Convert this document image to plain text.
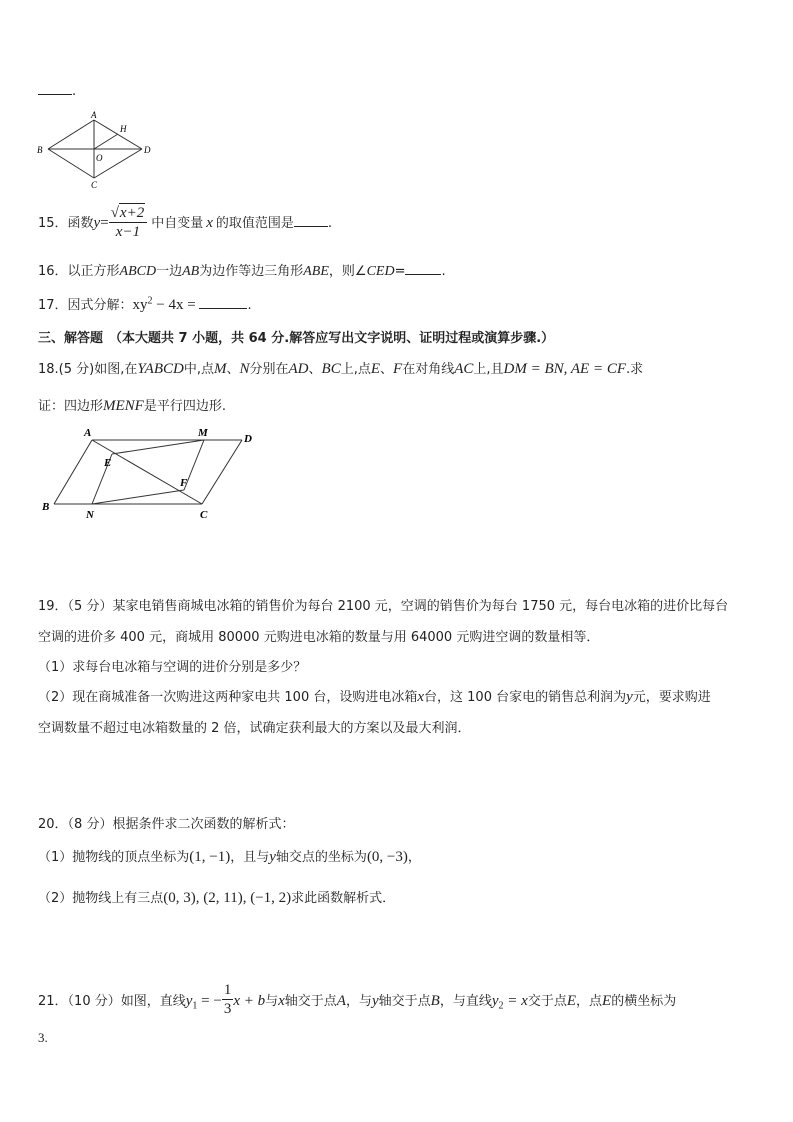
.
A
H
B
O
D
C
15．函数$y= \frac{√x+2}{x-1}$ 中自变量 x 的取值范围是	.
16．以正方形ABCD一边AB为边作等边三角形ABE，则∠CED=	.
17．因式分解：$xy^2 - 4x$ =	.
三、解答题 （本大题共 7 小题，共 64 分.解答应写出文字说明、证明过程或演算步骤.）
18.(5 分)如图,在YABCD中,点M、N分别在AD、BC上,点E、F在对角线AC上,且DM = BN, AE = CF.求
证：四边形MENF是平行四边形.
A	M	D
E
F
B
N	C
19．（5 分）某家电销售商城电冰箱的销售价为每台 2100 元，空调的销售价为每台 1750 元，每台电冰箱的进价比每台
空调的进价多 400 元，商城用 80000 元购进电冰箱的数量与用 64000 元购进空调的数量相等．
（1）求每台电冰箱与空调的进价分别是多少？
（2）现在商城准备一次购进这两种家电共 100 台，设购进电冰箱x台，这 100 台家电的销售总利润为y元，要求购进
空调数量不超过电冰箱数量的 2 倍，试确定获利最大的方案以及最大利润．
20．（8 分）根据条件求二次函数的解析式：
（1）抛物线的顶点坐标为(1, −1)，且与y轴交点的坐标为(0, −3)，
（2）抛物线上有三点(0, 3), (2, 11), (−1, 2)求此函数解析式．
21．（10 分）如图，直线$y_1$ = − $\frac{1}{3}$ x + b与x轴交于点A，与y轴交于点B，与直线$y_2 = x$交于点E，点E的横坐标为
3.
